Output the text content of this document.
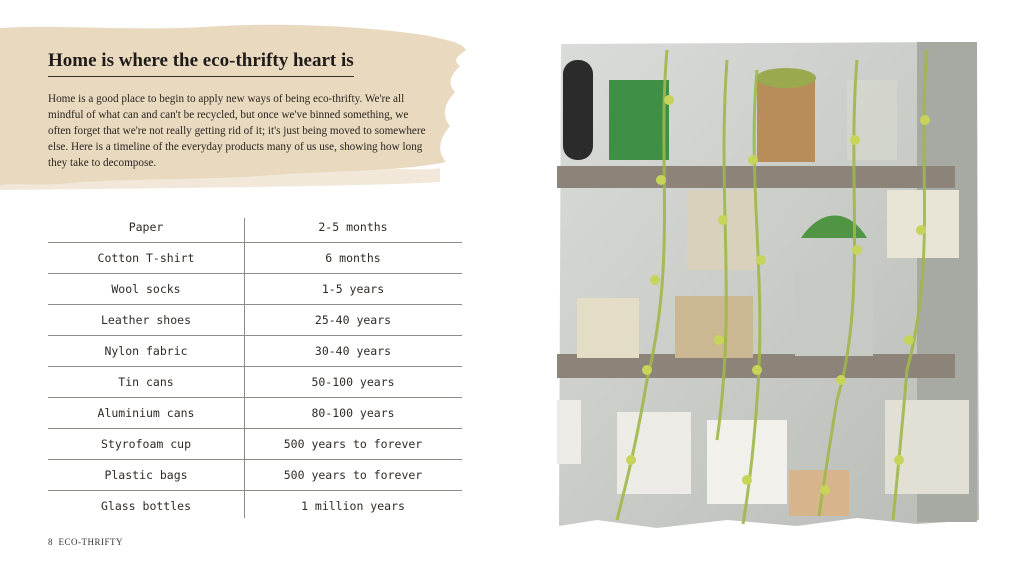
Home is where the eco-thrifty heart is

Home is a good place to begin to apply new ways of being eco-thrifty. We're all mindful of what can and can't be recycled, but once we've binned something, we often forget that we're not really getting rid of it; it's just being moved to somewhere else. Here is a timeline of the everyday products many of us use, showing how long they take to decompose.

Paper	2-5 months
Cotton T-shirt	6 months
Wool socks	1-5 years
Leather shoes	25-40 years
Nylon fabric	30-40 years
Tin cans	50-100 years
Aluminium cans	80-100 years
Styrofoam cup	500 years to forever
Plastic bags	500 years to forever
Glass bottles	1 million years
8 ECO-THRIFTY
